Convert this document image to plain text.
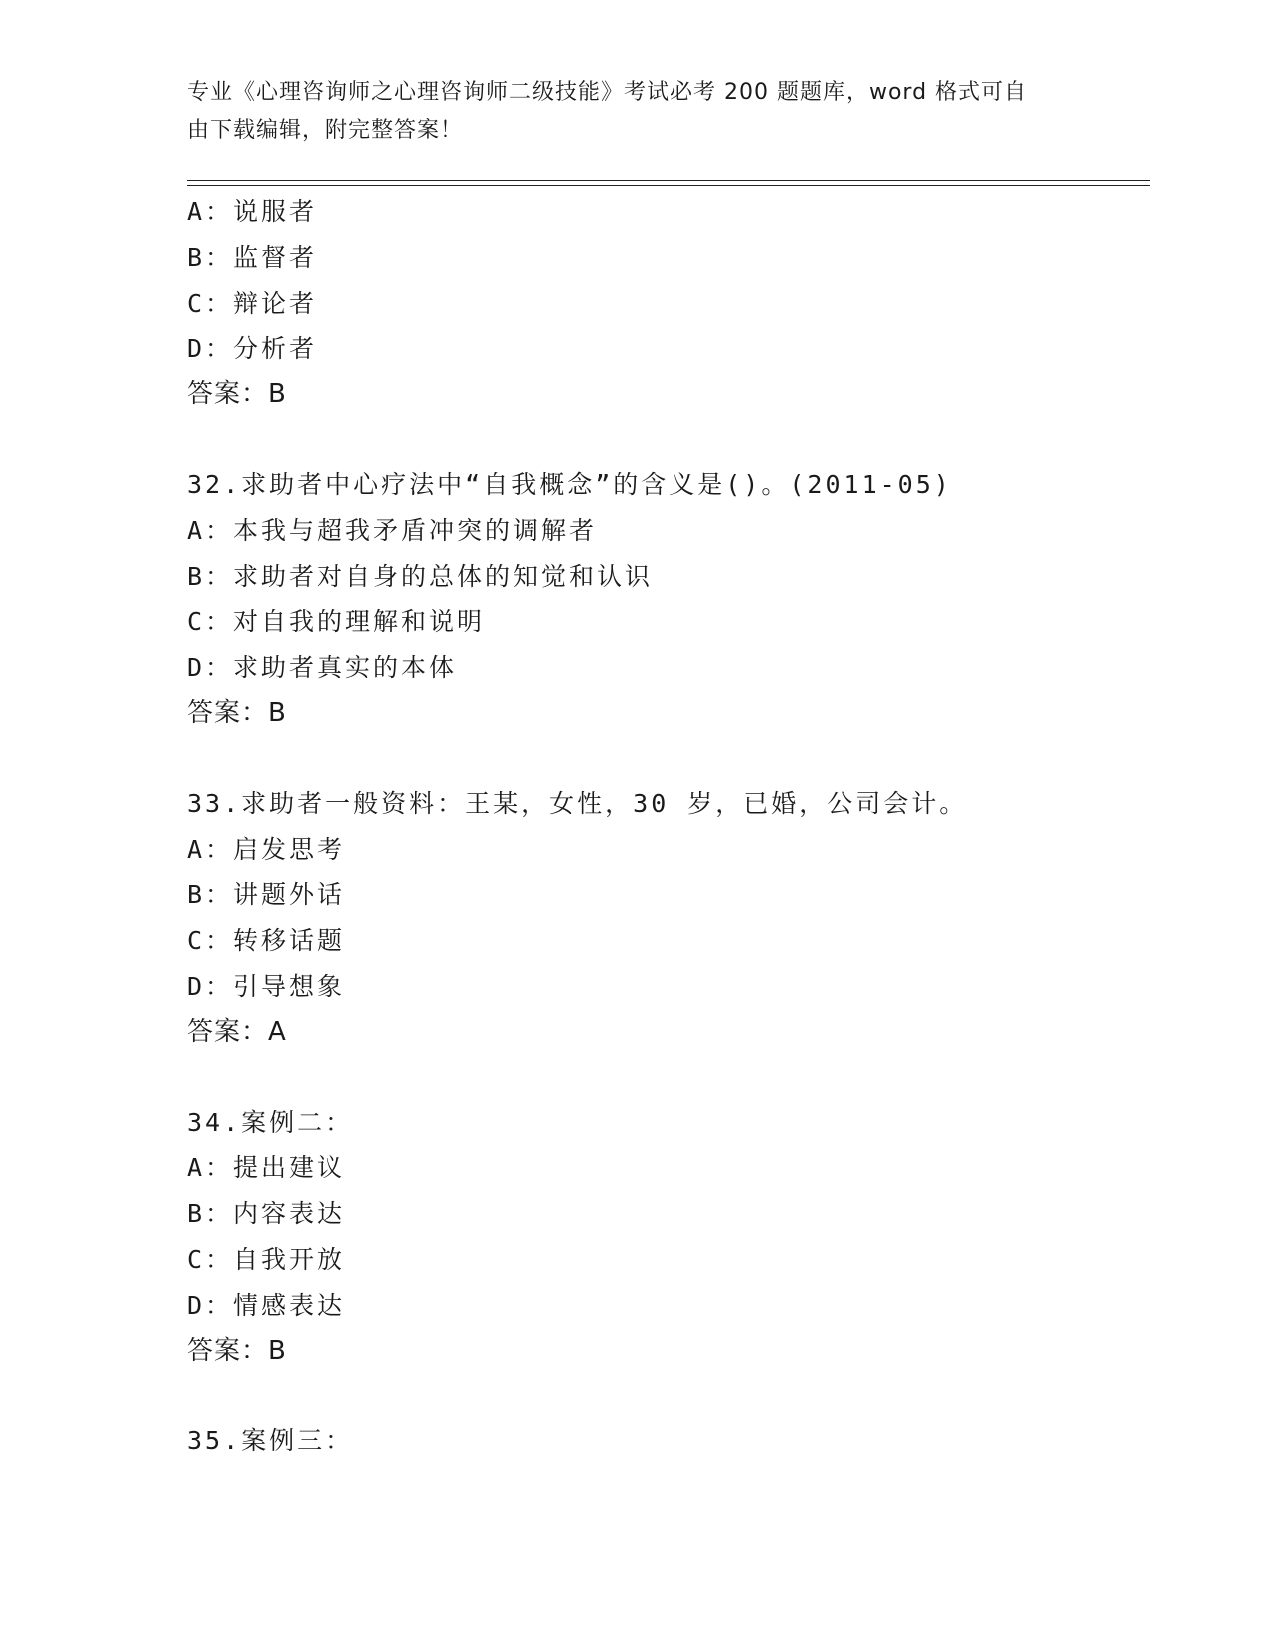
专业《心理咨询师之心理咨询师二级技能》考试必考 200 题题库，word 格式可自
由下载编辑，附完整答案！
A：说服者
B：监督者
C：辩论者
D：分析者
答案：B
32.求助者中心疗法中“自我概念”的含义是()。(2011-05)
A：本我与超我矛盾冲突的调解者
B：求助者对自身的总体的知觉和认识
C：对自我的理解和说明
D：求助者真实的本体
答案：B
33.求助者一般资料：王某，女性，30 岁，已婚，公司会计。
A：启发思考
B：讲题外话
C：转移话题
D：引导想象
答案：A
34.案例二：
A：提出建议
B：内容表达
C：自我开放
D：情感表达
答案：B
35.案例三：
